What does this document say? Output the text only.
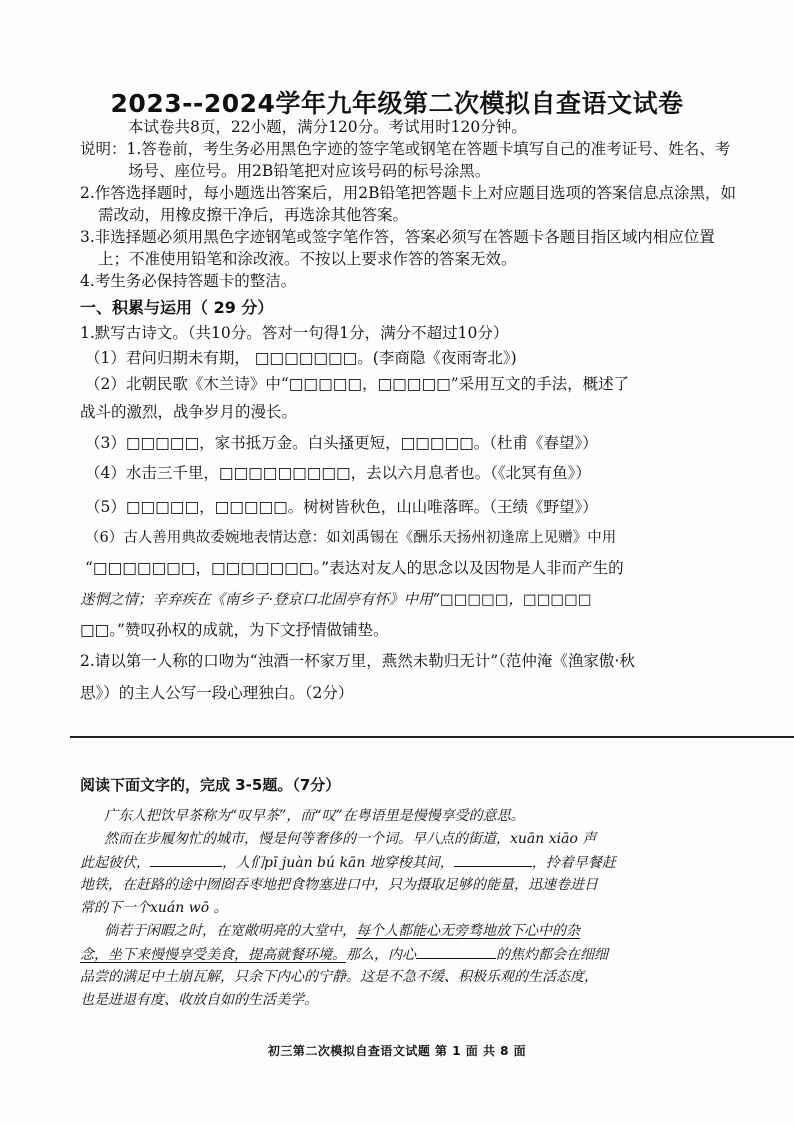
2023--2024学年九年级第二次模拟自查语文试卷
本试卷共8页，22小题，满分120分。考试用时120分钟。
说明：1.答卷前，考生务必用黑色字迹的签字笔或钢笔在答题卡填写自己的准考证号、姓名、考
场号、座位号。用2B铅笔把对应该号码的标号涂黑。
2.作答选择题时，每小题选出答案后，用2B铅笔把答题卡上对应题目选项的答案信息点涂黑，如
需改动，用橡皮擦干净后，再选涂其他答案。
3.非选择题必须用黑色字迹钢笔或签字笔作答，答案必须写在答题卡各题目指区域内相应位置
上；不准使用铅笔和涂改液。不按以上要求作答的答案无效。
4.考生务必保持答题卡的整洁。
一、积累与运用（ 29 分）
1.默写古诗文。（共10分。答对一句得1分，满分不超过10分）
（1）君问归期未有期， □□□□□□□。(李商隐《夜雨寄北》)
（2）北朝民歌《木兰诗》中“□□□□□，□□□□□”采用互文的手法，概述了
战斗的激烈，战争岁月的漫长。
（3）□□□□□，家书抵万金。白头搔更短，□□□□□。（杜甫《春望》）
（4）水击三千里，□□□□□□□□□，去以六月息者也。（《北冥有鱼》）
（5）□□□□□，□□□□□。树树皆秋色，山山唯落晖。（王绩《野望》）
（6）古人善用典故委婉地表情达意：如刘禹锡在《酬乐天扬州初逢席上见赠》中用
“□□□□□□□，□□□□□□□。”表达对友人的思念以及因物是人非而产生的
迷惘之情；辛弃疾在《南乡子·登京口北固亭有怀》中用“□□□□□，□□□□□
□□。”赞叹孙权的成就，为下文抒情做铺垫。
2.请以第一人称的口吻为“浊酒一杯家万里，燕然未勒归无计”（范仲淹《渔家傲·秋
思》）的主人公写一段心理独白。（2分）
阅读下面文字的，完成 3-5题。（7分）
广东人把饮早茶称为“叹早茶”，而“叹”在粤语里是慢慢享受的意思。
然而在步履匆忙的城市，慢是何等奢侈的一个词。早八点的街道，xuān xiāo 声
此起彼伏，	，人们pī juàn bú kān 地穿梭其间，	，拎着早餐赶
地铁，在赶路的途中囫囵吞枣地把食物塞进口中，只为摄取足够的能量，迅速卷进日
常的下一个xuán wō 。
倘若于闲暇之时，在宽敞明亮的大堂中，每个人都能心无旁骛地放下心中的杂
念，坐下来慢慢享受美食，提高就餐环境。那么，内心	的焦灼都会在细细
品尝的满足中土崩瓦解，只余下内心的宁静。这是不急不缓、积极乐观的生活态度，
也是进退有度、收放自如的生活美学。
初三第二次模拟自查语文试题 第 1 面 共 8 面
